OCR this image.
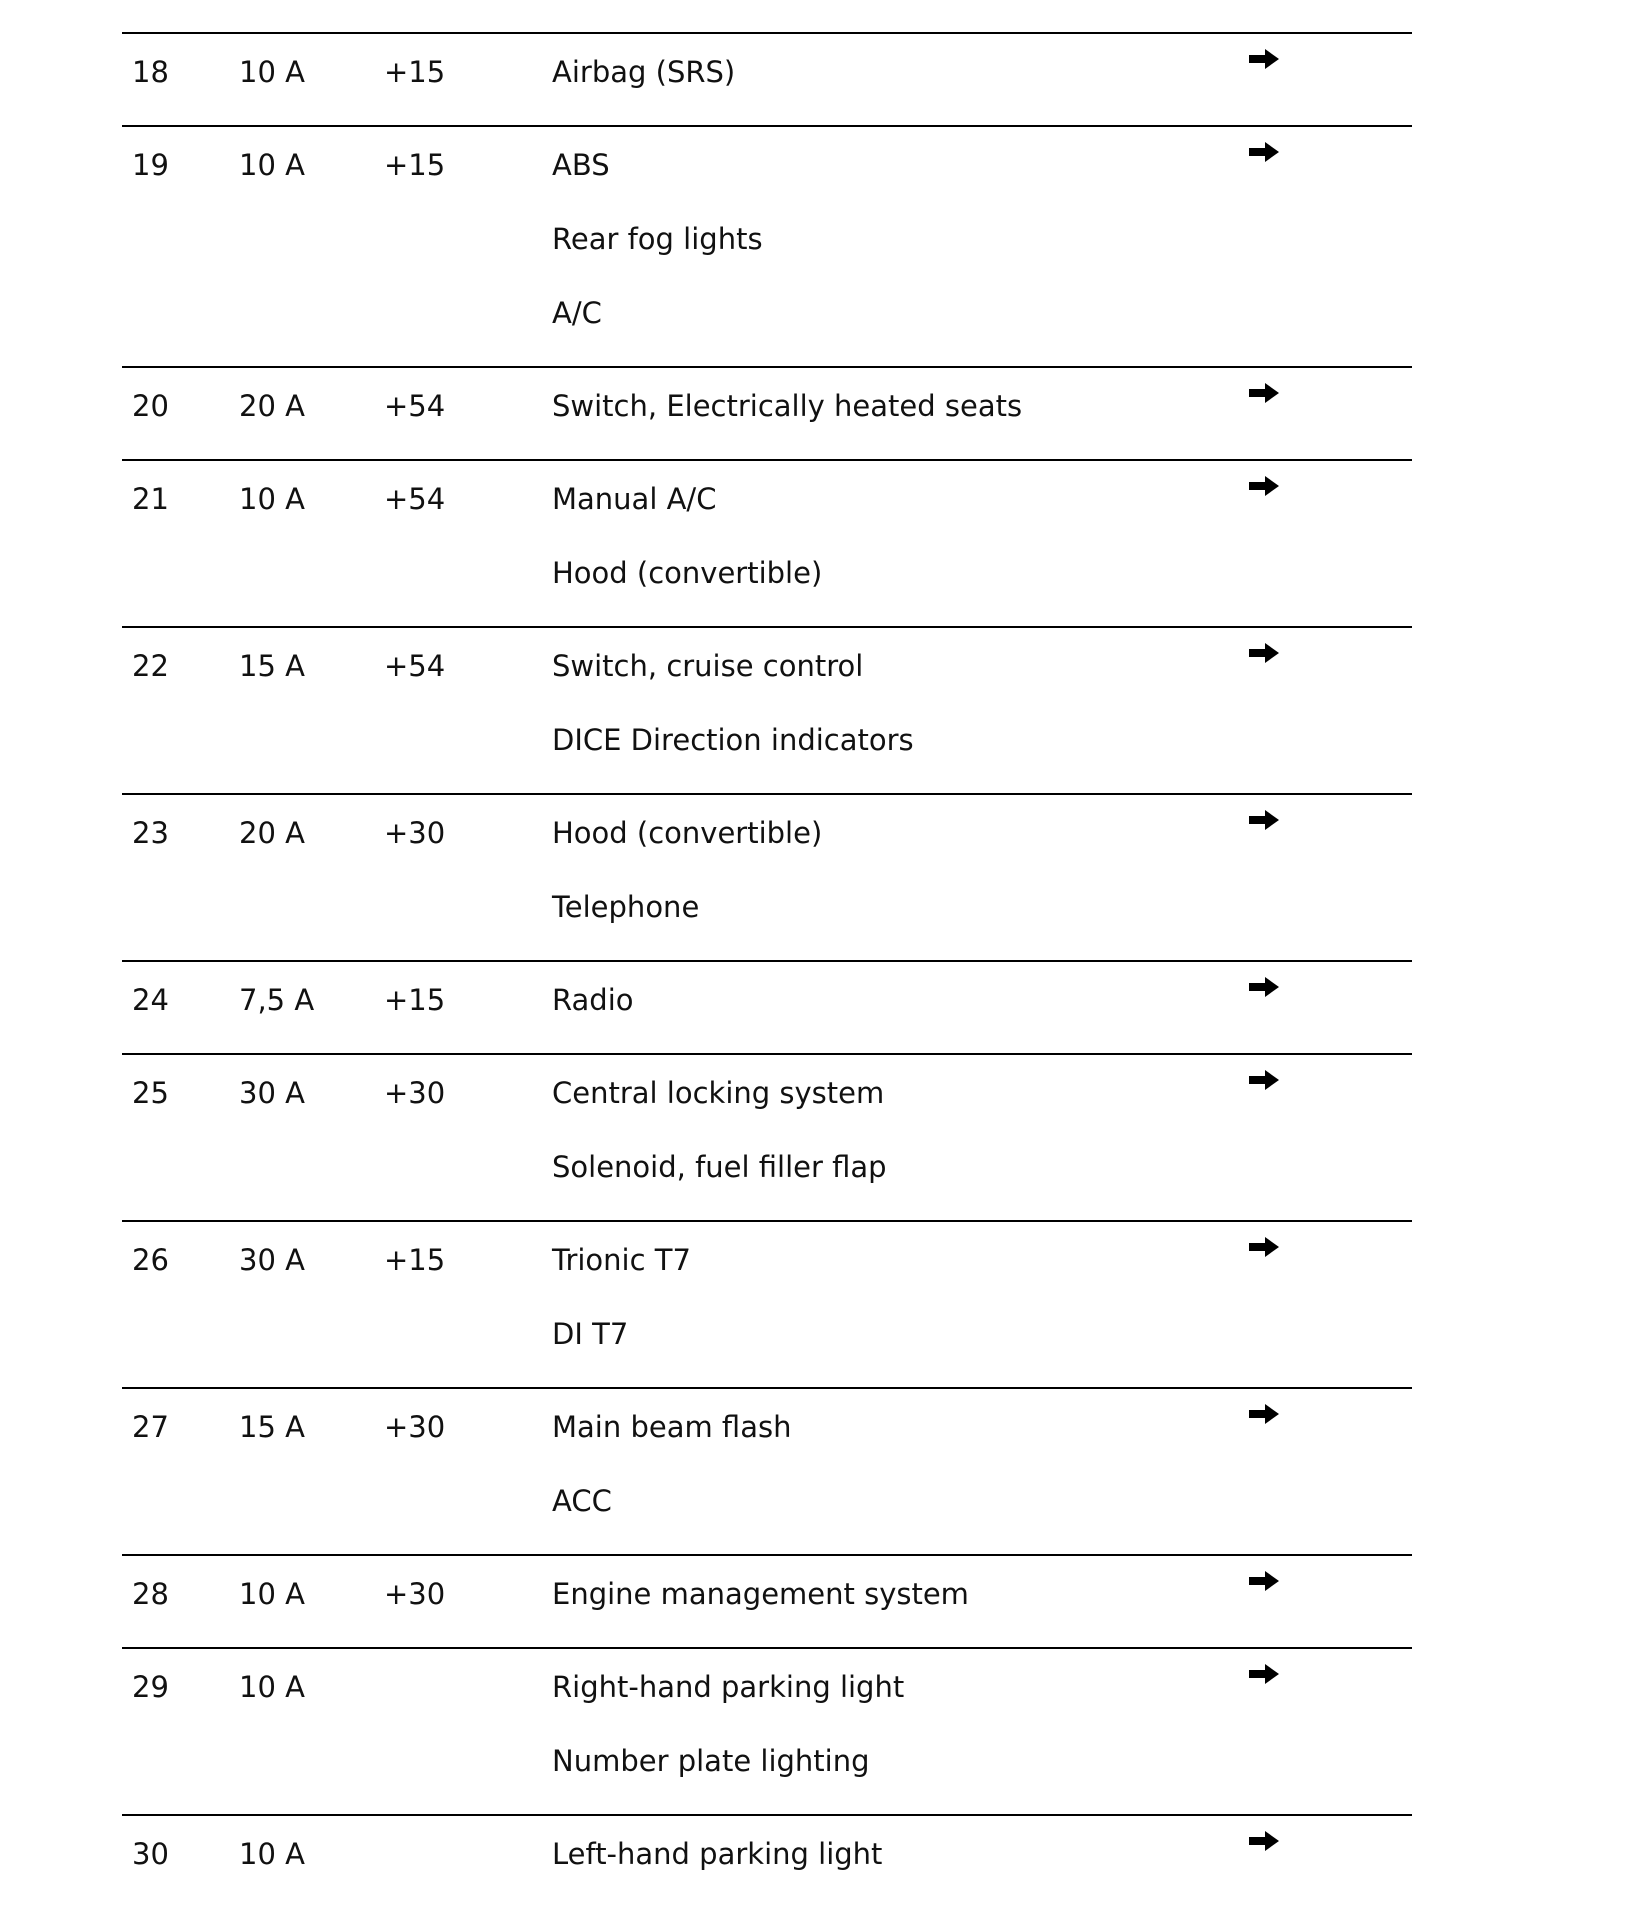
18 10 A	+15	Airbag (SRS)
19 10 A	+15	ABS
Rear fog lights
A/C
20 20 A	+54	Switch, Electrically heated seats
21 10 A	+54	Manual A/C
Hood (convertible)
22 15 A	+54	Switch, cruise control
DICE Direction indicators
23 20 A	+30	Hood (convertible)
Telephone
24 7,5 A +15	Radio
25 30 A	+30	Central locking system
Solenoid, fuel filler flap
26 30 A	+15	Trionic T7
DI T7
27 15 A	+30	Main beam flash
ACC
28 10 A	+30	Engine management system
29 10 A	Right-hand parking light
Number plate lighting
30 10 A	Left-hand parking light
